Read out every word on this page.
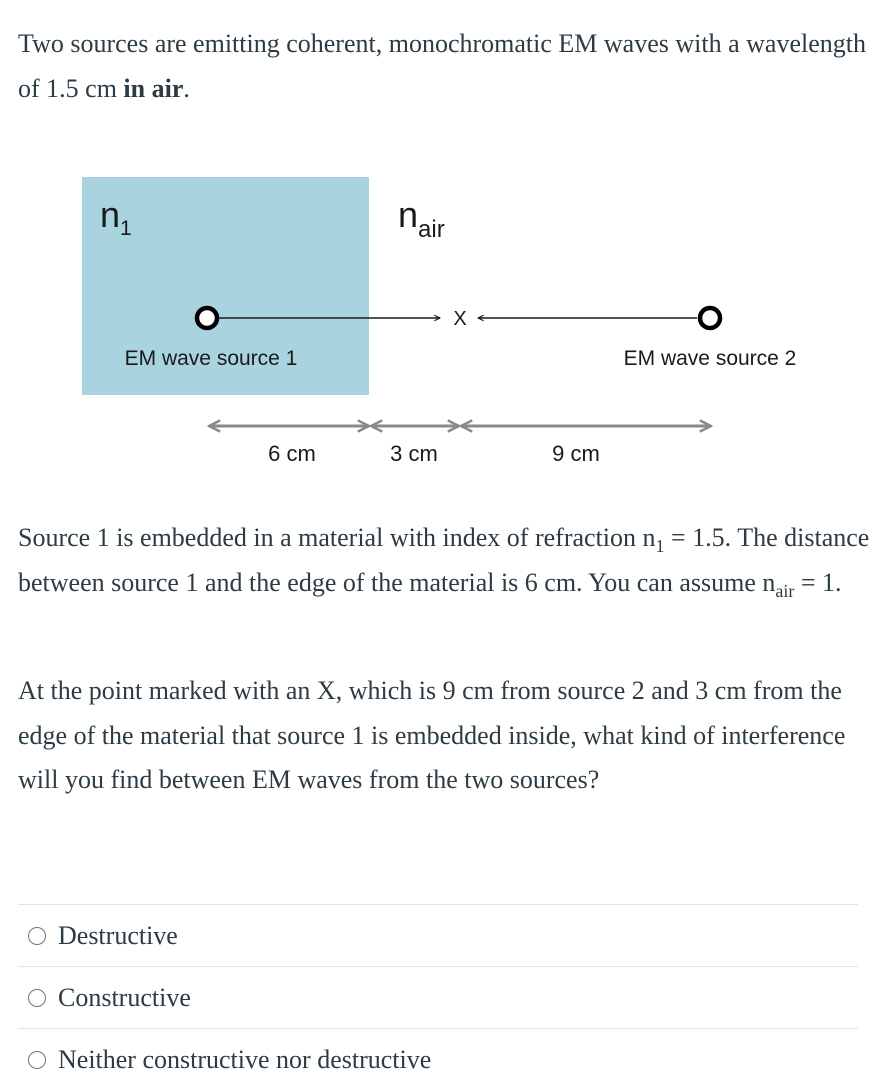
Two sources are emitting coherent, monochromatic EM waves with a wavelength of 1.5 cm in air.

$n_1$	$n_{air}$
X
EM wave source 1	EM wave source 2
6 cm	3 cm	9 cm

Source 1 is embedded in a material with index of refraction $n_1 = 1.5$. The distance between source 1 and the edge of the material is 6 cm. You can assume $n_{air} = 1$.

At the point marked with an X, which is 9 cm from source 2 and 3 cm from the edge of the material that source 1 is embedded inside, what kind of interference will you find between EM waves from the two sources?

Destructive
Constructive
Neither constructive nor destructive
